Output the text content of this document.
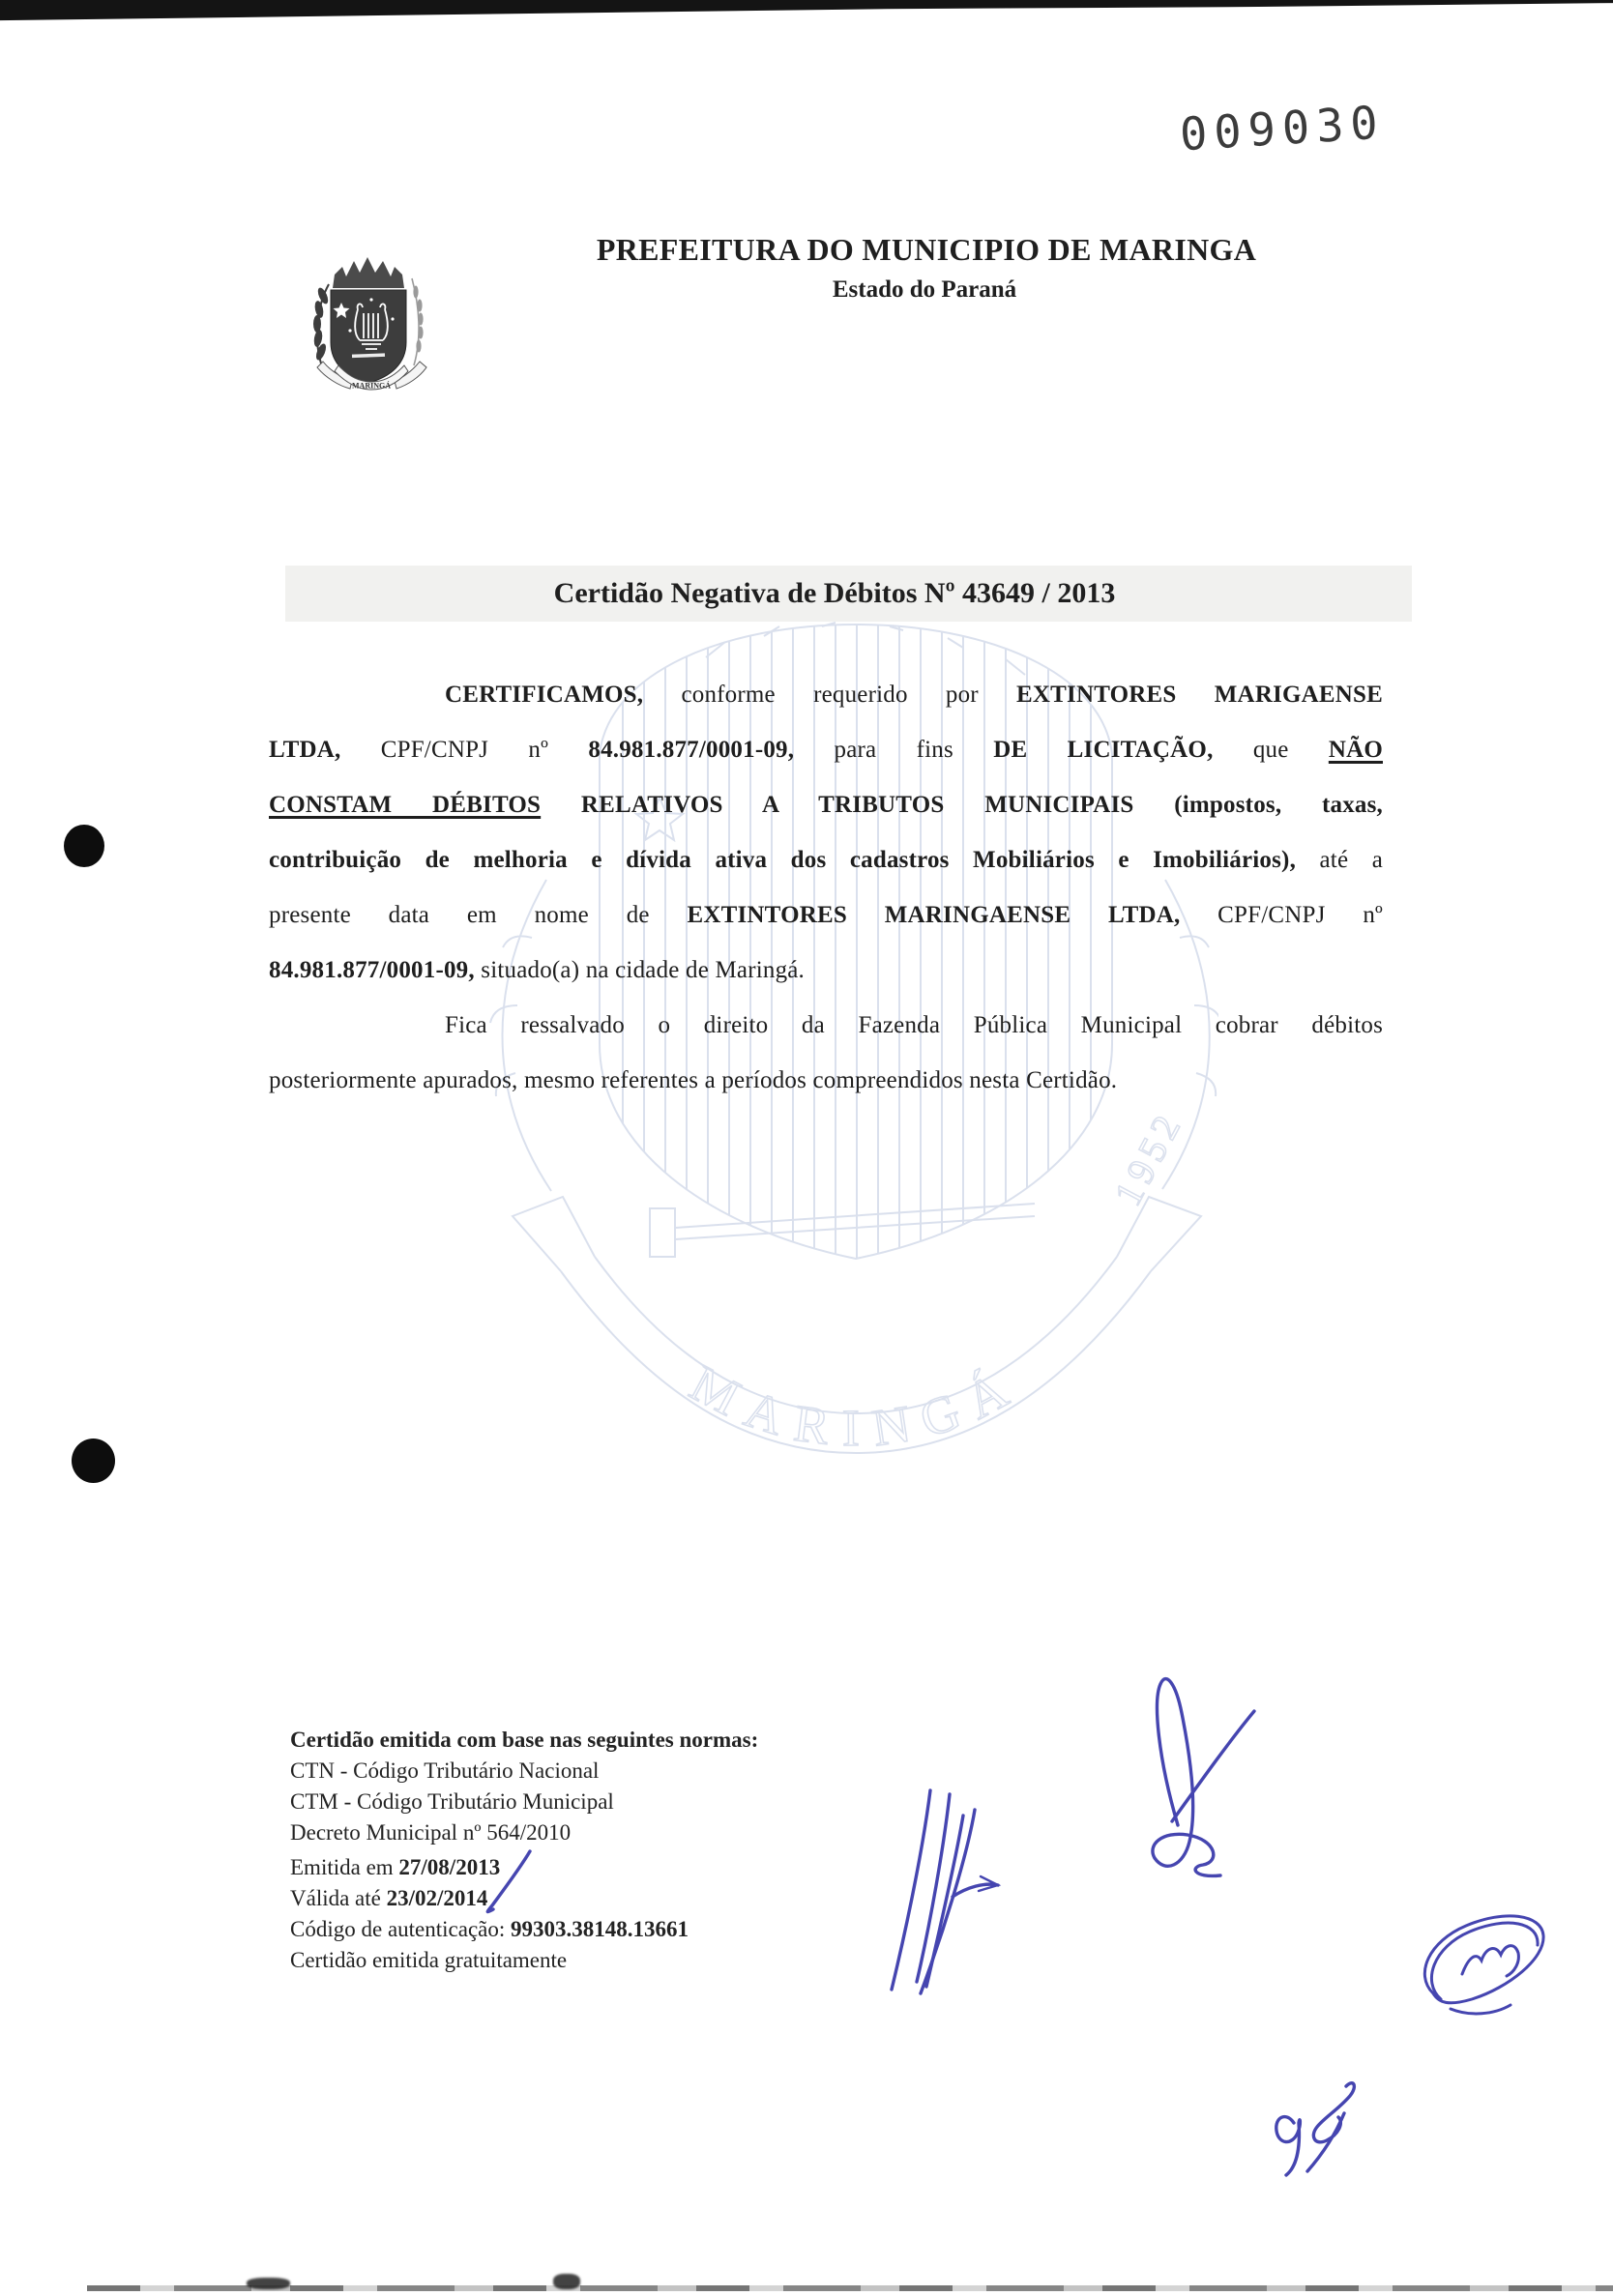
MARINGÁ
1952
009030
MARINGÁ
PREFEITURA DO MUNICIPIO DE MARINGA
Estado do Paraná
Certidão Negativa de Débitos Nº 43649 / 2013
CERTIFICAMOS, conforme requerido por EXTINTORES MARIGAENSE
LTDA, CPF/CNPJ nº 84.981.877/0001-09, para fins DE LICITAÇÃO, que NÃO
CONSTAM DÉBITOS RELATIVOS A TRIBUTOS MUNICIPAIS (impostos, taxas,
contribuição de melhoria e dívida ativa dos cadastros Mobiliários e Imobiliários), até a
presente data em nome de EXTINTORES MARINGAENSE LTDA, CPF/CNPJ nº
84.981.877/0001-09, situado(a) na cidade de Maringá.
Fica ressalvado o direito da Fazenda Pública Municipal cobrar débitos
posteriormente apurados, mesmo referentes a períodos compreendidos nesta Certidão.
Certidão emitida com base nas seguintes normas:
CTN - Código Tributário Nacional
CTM - Código Tributário Municipal
Decreto Municipal nº 564/2010
Emitida em 27/08/2013
Válida até 23/02/2014
Código de autenticação: 99303.38148.13661
Certidão emitida gratuitamente
